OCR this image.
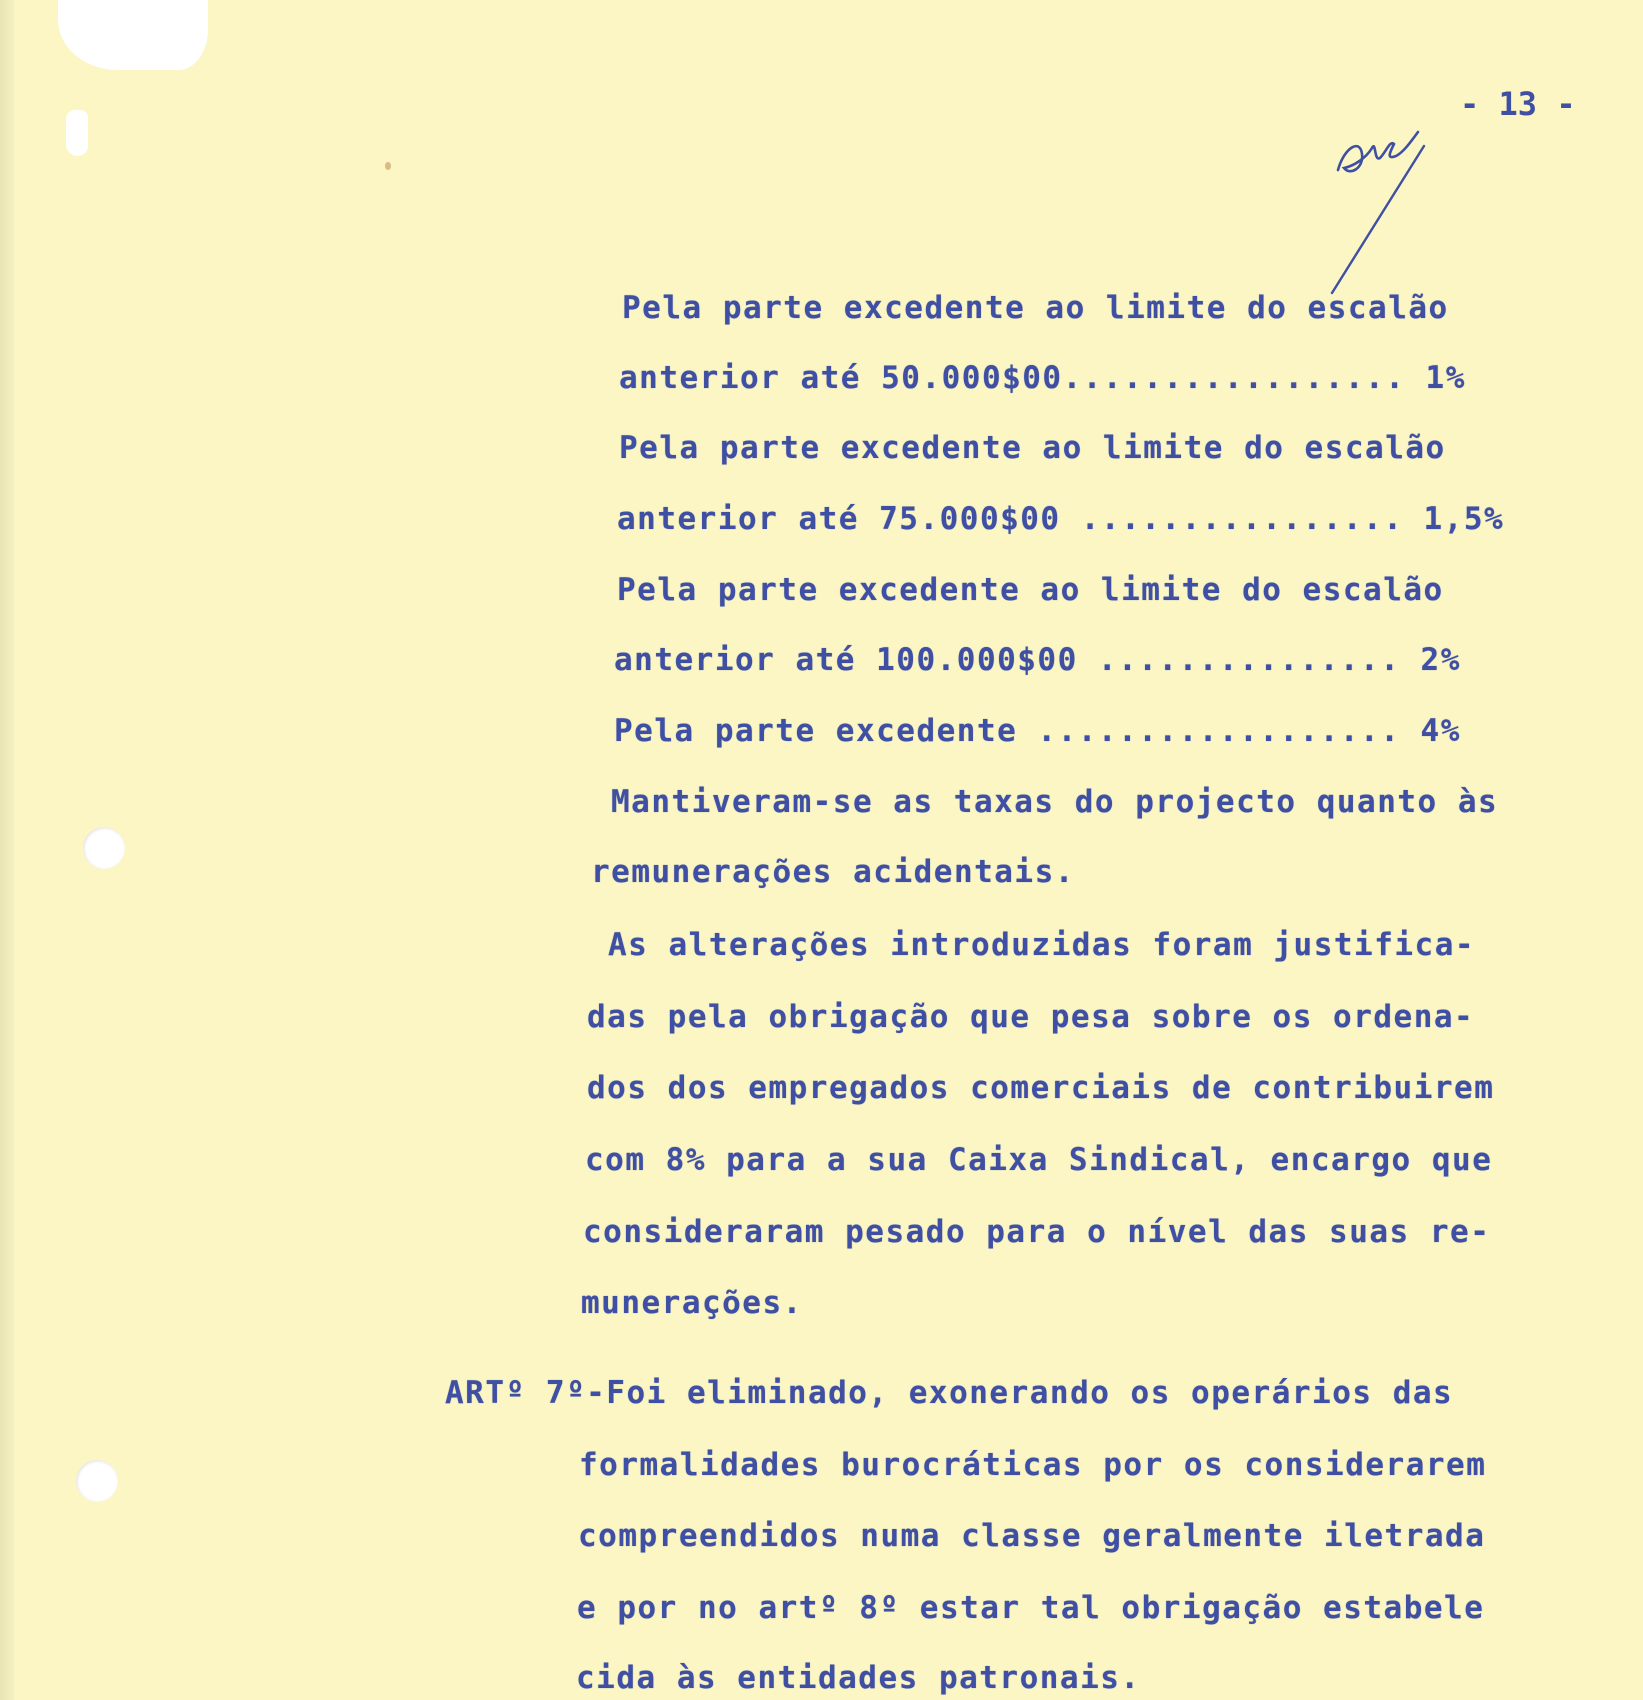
- 13 -
Pela parte excedente ao limite do escalão
anterior até 50.000$00................. 1%
Pela parte excedente ao limite do escalão
anterior até 75.000$00 ................ 1,5%
Pela parte excedente ao limite do escalão
anterior até 100.000$00 ............... 2%
Pela parte excedente .................. 4%
Mantiveram-se as taxas do projecto quanto às
remunerações acidentais.
As alterações introduzidas foram justifica-
das pela obrigação que pesa sobre os ordena-
dos dos empregados comerciais de contribuirem
com 8% para a sua Caixa Sindical, encargo que
consideraram pesado para o nível das suas re-
munerações.
ARTº 7º-Foi eliminado, exonerando os operários das
formalidades burocráticas por os considerarem
compreendidos numa classe geralmente iletrada
e por no artº 8º estar tal obrigação estabele
cida às entidades patronais.
